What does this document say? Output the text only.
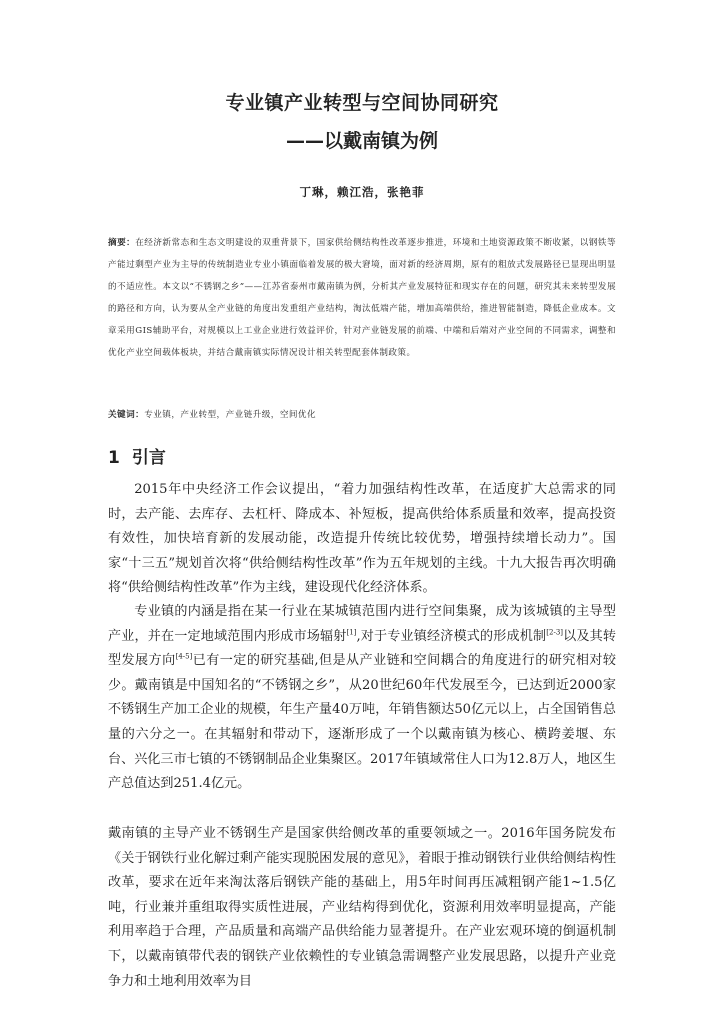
专业镇产业转型与空间协同研究
——以戴南镇为例
丁琳，赖江浩，张艳菲
摘要：在经济新常态和生态文明建设的双重背景下，国家供给侧结构性改革逐步推进，环境和土地资源政策不断收紧，以钢铁等产能过剩型产业为主导的传统制造业专业小镇面临着发展的极大窘境，面对新的经济周期，原有的粗放式发展路径已显现出明显的不适应性。本文以“不锈钢之乡”——江苏省泰州市戴南镇为例，分析其产业发展特征和现实存在的问题，研究其未来转型发展的路径和方向，认为要从全产业链的角度出发重组产业结构，淘汰低端产能，增加高端供给，推进智能制造，降低企业成本。文章采用GIS辅助平台，对规模以上工业企业进行效益评价，针对产业链发展的前端、中端和后端对产业空间的不同需求，调整和优化产业空间载体板块，并结合戴南镇实际情况设计相关转型配套体制政策。
关键词：专业镇，产业转型，产业链升级，空间优化
1 引言

2015年中央经济工作会议提出，“着力加强结构性改革，在适度扩大总需求的同时，去产能、去库存、去杠杆、降成本、补短板，提高供给体系质量和效率，提高投资有效性，加快培育新的发展动能，改造提升传统比较优势，增强持续增长动力”。国家“十三五”规划首次将“供给侧结构性改革”作为五年规划的主线。十九大报告再次明确将“供给侧结构性改革”作为主线，建设现代化经济体系。

专业镇的内涵是指在某一行业在某城镇范围内进行空间集聚，成为该城镇的主导型产业，并在一定地域范围内形成市场辐射[1],对于专业镇经济模式的形成机制[2-3]以及其转型发展方向[4-5]已有一定的研究基础,但是从产业链和空间耦合的角度进行的研究相对较少。戴南镇是中国知名的“不锈钢之乡”，从20世纪60年代发展至今，已达到近2000家不锈钢生产加工企业的规模，年生产量40万吨，年销售额达50亿元以上，占全国销售总量的六分之一。在其辐射和带动下，逐渐形成了一个以戴南镇为核心、横跨姜堰、东台、兴化三市七镇的不锈钢制品企业集聚区。2017年镇域常住人口为12.8万人，地区生产总值达到251.4亿元。

戴南镇的主导产业不锈钢生产是国家供给侧改革的重要领域之一。2016年国务院发布《关于钢铁行业化解过剩产能实现脱困发展的意见》，着眼于推动钢铁行业供给侧结构性改革，要求在近年来淘汰落后钢铁产能的基础上，用5年时间再压减粗钢产能1~1.5亿吨，行业兼并重组取得实质性进展，产业结构得到优化，资源利用效率明显提高，产能利用率趋于合理，产品质量和高端产品供给能力显著提升。在产业宏观环境的倒逼机制下，以戴南镇带代表的钢铁产业依赖性的专业镇急需调整产业发展思路，以提升产业竞争力和土地利用效率为目
